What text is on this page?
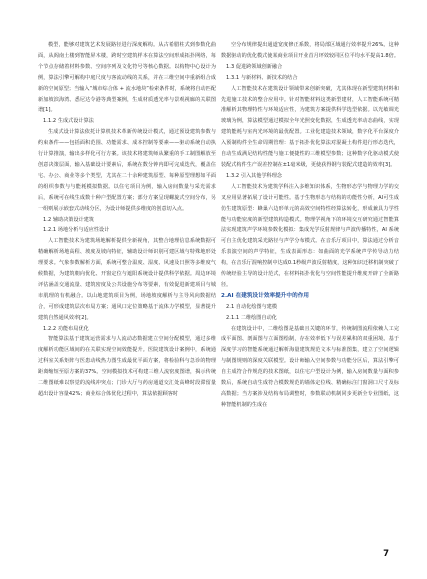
模型，能够对建筑艺术发展路径进行深度解构。从古希腊柱式到参数化曲面，从阁南土楼到智能屏木楼，跨时空建筑样本在算法空间形成拓扑网络，每个节点存储着材料参数、空间序列及文化符号等核心数据。以构物中心设计为例，算法引擎可解构中庭尺度与客流动线的关系，并在三维空间中重新组合成新的空间原型；当输入“城市综合体 + 流水地块”检索条件时，系统将自动匹配新加坡滨海湾、悉尼达令港等典型案例，生成材质透光率与景观视廊的关联图谱[1]。

1.1.2 生成式设计算法

生成式设计算法依托计算机技术革新传统设计模式，通过预设建筑参数与约束条件——包括面积范围、功能需求、成本控制等要素——驱动系统自动执行计算推演，输出多样化可行方案。该技术将建筑师从繁重的手工制图解放至创意决策层面，输入基础设计要素后，系统在数分钟内即可完成迭代，覆盖住宅、办公、商业等多个类型，尤其在二十余种建筑原型、每种原型理想如平面的组织参数与与能耗模拟数据。以住宅项目为例，输入房间数量与采光需求后，系统可在线生成数十种户型配置方案；部分方案呈现螺旋式空间分布，另一组则展示嵌套式动线分区，为设计师提供多维度的创意切入点。

1.2 辅助决策设计建筑
1.2.1 场地分析与适应性设计

人工智能技术为建筑场地解析提供全新视角，其整合地理信息系统数据可精确解析场地高程、坡度及坡向特征，辅助设计师识别可建区域与特殊地形处理要求。气象参数解析方面，系统可整合温度、湿度、风速及日照等多维度气候数据，为建筑朝向优化、开窗定位与遮阳系统设计提供科学依据。周边环境评估涵盖交通流量、建筑密度及公共设施分布等要素，有效促进新建项目与城市肌理的有机融合。以山地建筑项目为例，场地坡度解析与主导风向数据结合，可形成建筑层次布局方案；通风口定位策略基于流体力学模型，显著提升建筑自然通风效率[2]。

1.2.2 功能布局优化

智能算法基于建筑运营需求与人流动态数据建立空间分配模型，通过多维度解析功能区域间的在关联实现空间效能提升。医院建筑设计案例中，系统通过科室关系矩阵与医患动线热力图生成最优平面方案，将检验科与急诊的物理距离缩短至原方案的37%。空间模拟技术可构建三维人流密度图谱，揭示传统二维图纸难以察觉的流线冲突点；门诊大厅与药房通道交汇处高峰时段滞留量超出设计容量42%；商业综合体优化过程中，算法依据顾客时

空分布规律提出通道宽度修正系数，将局部区域通行效率提升26%。这种数据驱动的优化模式使某商业项目开业首月坪效较同区位平均水平提高1.8倍。

1.3 促进跨领域创新融合
1.3.1 与新材料、新技术的结合

人工智能技术在建筑设计领域带来创新突破，尤其体现在新型建筑材料和先进施工技术的整合应用中。针对智能材料这类新型建材，人工智能系统可精准解析其物理特性与环境适应性，为建筑方案提供科学选型依据。以光敏调光玻璃为例，算法模型通过模拟全年光照变化数据，生成透光率动态曲线，实现建筑能耗与室内光环境的最优配置。工业化建造技术领域，数字化平台深度介入预制构件全生命周期管理：基于拓扑优化算法对混凝土构件进行形态迭代，自动生成满足结构性能与施工便捷性的三维模型参数；这种数字化驱动模式使装配式构件生产误差控制在±1毫米级，更使获得钢与装配式建造的效率[3]。

1.3.2 引入其他学科理念

人工智能技术为建筑学科注入多维知识体系，生物形态学与物理力学的交叉应用显著拓展了设计可能性。基于生物形态与结构的功能性分析，AI可生成仿生建筑原型：蜂巢六边形单元的高效空间特性经算法转化，形成兼具力学性能与功能密度的新型建筑构造模式。物理学视角下的环境交互研究通过智能算法实现建筑声学环境参数化模拟：集成光学反射规律与声波传播特性，AI 系统可自主优化建筑采光路径与声学分布模式。在音乐厅项目中，算法通过分析音乐表演空间的声学特征，生成表面形态：如曲面的光学系统声学传导动力结构，在音乐厅混响控制中达成0.1秒级声波反射精度，这种知识迁移机制突破了传统经验主导的设计范式，在材料拓扑优化与空间性能提升维度开辟了全新路径。

2.AI 在建筑设计效率提升中的作用
2.1 自动化绘图与建模
2.1.1 二维绘图自动化

在建筑设计中，二维绘图是基础且关键的环节，传统制图流程依赖人工完成平面图、剖面图与立面图绘制，存在效率低下与误差累积的双重困境。基于深度学习的智能系统通过解析海量建筑规范文本与标准图集，建立了空间逻辑与制图规则的深度关联模型。设计师输入空间参数与功能分区后，算法引擎可自主成符合作规范的技术图纸，以住宅户型设计为例，输入房间数量与面积参数后，系统自动生成符合模数规范的墙体定位线、精确标注门窗洞口尺寸及标高数据；当方案涉及结构布局调整时，参数联动机制同步更新全专业图纸，这种智能机制的生成在

7
